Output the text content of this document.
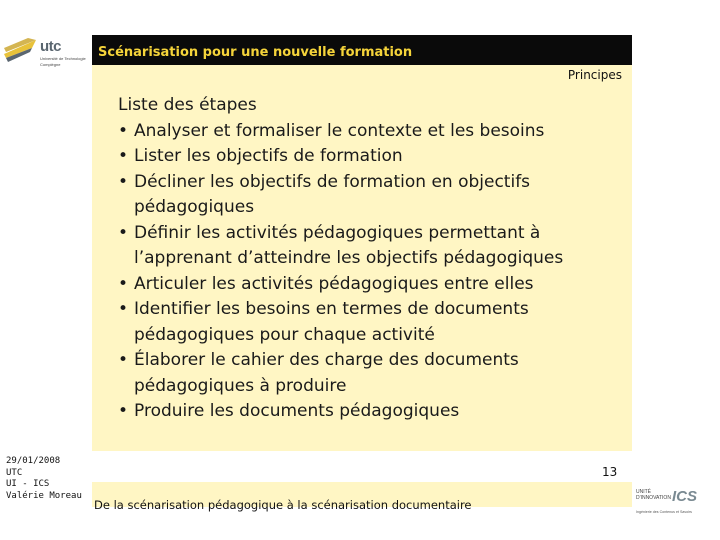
utc
Université de Technologie
Compiègne
Scénarisation pour une nouvelle formation
Principes
Liste des étapes
• Analyser et formaliser le contexte et les besoins
• Lister les objectifs de formation
• Décliner les objectifs de formation en objectifs
pédagogiques
• Définir les activités pédagogiques permettant à
l’apprenant d’atteindre les objectifs pédagogiques
• Articuler les activités pédagogiques entre elles
• Identifier les besoins en termes de documents
pédagogiques pour chaque activité
• Élaborer le cahier des charge des documents
pédagogiques à produire
• Produire les documents pédagogiques
29/01/2008
UTC
UI - ICS
Valérie Moreau
De la scénarisation pédagogique à la scénarisation documentaire
13
UNITÉ
D'INNOVATION ICS
Ingénierie des Contenus et Savoirs
